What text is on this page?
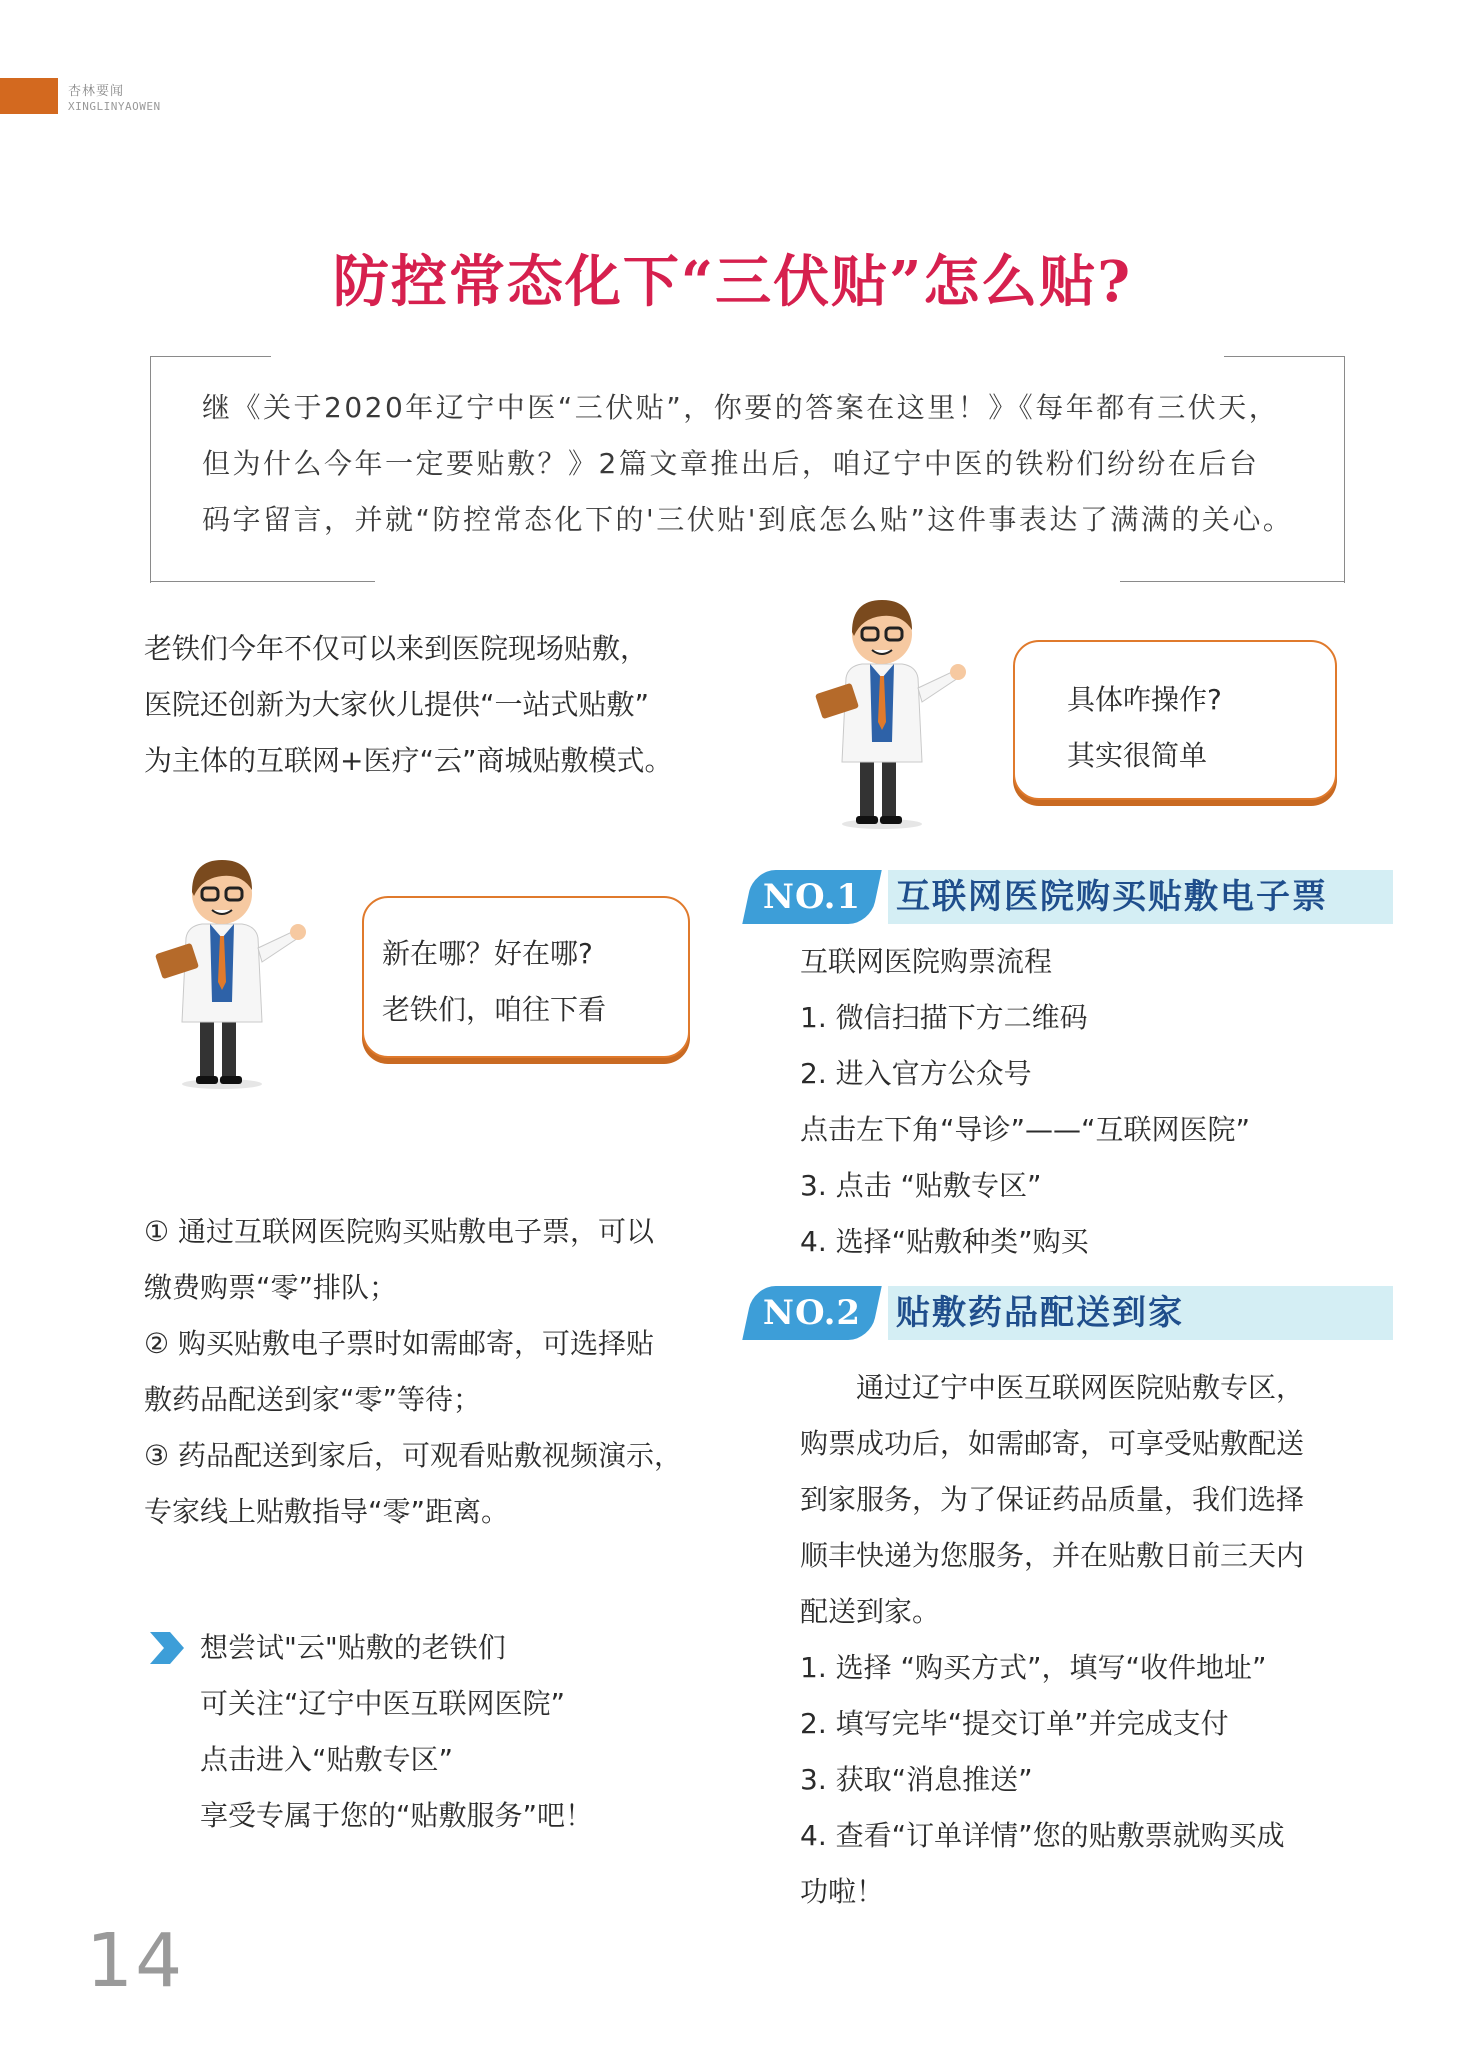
杏林要闻
XINGLINYAOWEN
防控常态化下“三伏贴”怎么贴?

继《关于2020年辽宁中医“三伏贴”，你要的答案在这里！》《每年都有三伏天，

但为什么今年一定要贴敷？》2篇文章推出后，咱辽宁中医的铁粉们纷纷在后台

码字留言，并就“防控常态化下的'三伏贴'到底怎么贴”这件事表达了满满的关心。

老铁们今年不仅可以来到医院现场贴敷，

医院还创新为大家伙儿提供“一站式贴敷”

为主体的互联网+医疗“云”商城贴敷模式。

具体咋操作?

其实很简单

新在哪？好在哪?

老铁们，咱往下看

① 通过互联网医院购买贴敷电子票，可以

缴费购票“零”排队；

② 购买贴敷电子票时如需邮寄，可选择贴

敷药品配送到家“零”等待；

③ 药品配送到家后，可观看贴敷视频演示，

专家线上贴敷指导“零”距离。

想尝试"云"贴敷的老铁们

可关注“辽宁中医互联网医院”

点击进入“贴敷专区”

享受专属于您的“贴敷服务”吧！

NO.1	互联网医院购买贴敷电子票

互联网医院购票流程

1. 微信扫描下方二维码

2. 进入官方公众号

点击左下角“导诊”——“互联网医院”

3. 点击 “贴敷专区”

4. 选择“贴敷种类”购买

NO.2	贴敷药品配送到家

　　通过辽宁中医互联网医院贴敷专区，

购票成功后，如需邮寄，可享受贴敷配送

到家服务，为了保证药品质量，我们选择

顺丰快递为您服务，并在贴敷日前三天内

配送到家。

1. 选择 “购买方式”，填写“收件地址”

2. 填写完毕“提交订单”并完成支付

3. 获取“消息推送”

4. 查看“订单详情”您的贴敷票就购买成

功啦！

14
